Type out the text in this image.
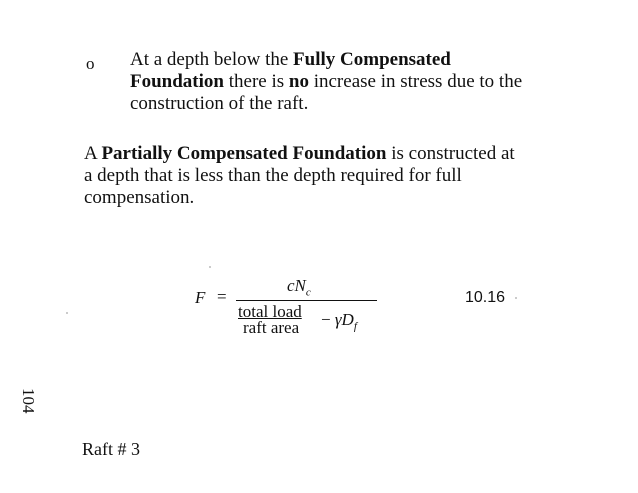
o At a depth below the Fully Compensated
Foundation there is no increase in stress due to the
construction of the raft.
A Partially Compensated Foundation is constructed at
a depth that is less than the depth required for full
compensation.
F =
$cN_c$
total load
raft area − $\gamma D_f$
10.16
104
Raft # 3
